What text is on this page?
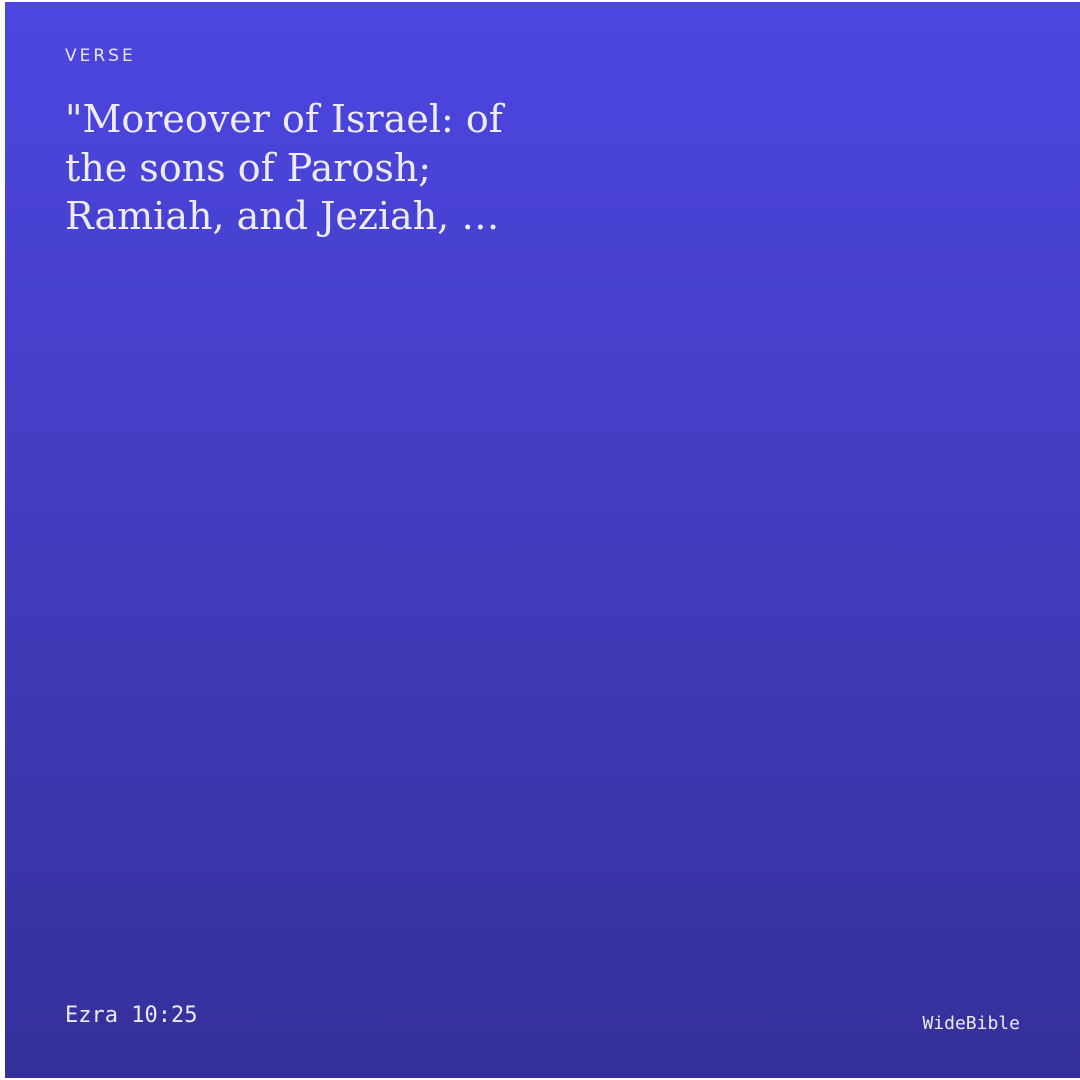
VERSE
"Moreover of Israel: of
the sons of Parosh;
Ramiah, and Jeziah, …
Ezra 10:25	WideBible
